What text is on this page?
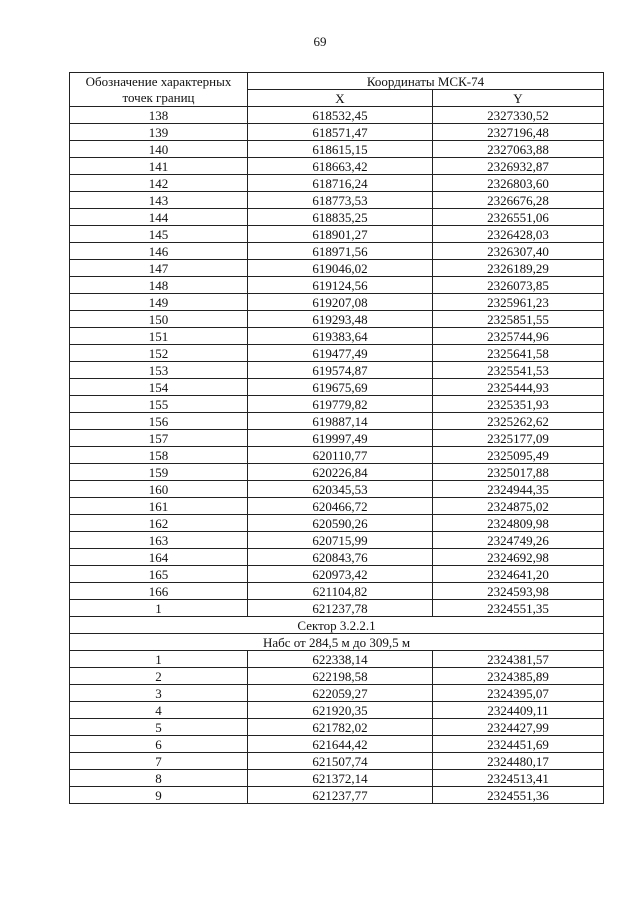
69
Обозначение характерных точек границ	Координаты МСК-74	
	X	Y
138	618532,45	2327330,52
139	618571,47	2327196,48
140	618615,15	2327063,88
141	618663,42	2326932,87
142	618716,24	2326803,60
143	618773,53	2326676,28
144	618835,25	2326551,06
145	618901,27	2326428,03
146	618971,56	2326307,40
147	619046,02	2326189,29
148	619124,56	2326073,85
149	619207,08	2325961,23
150	619293,48	2325851,55
151	619383,64	2325744,96
152	619477,49	2325641,58
153	619574,87	2325541,53
154	619675,69	2325444,93
155	619779,82	2325351,93
156	619887,14	2325262,62
157	619997,49	2325177,09
158	620110,77	2325095,49
159	620226,84	2325017,88
160	620345,53	2324944,35
161	620466,72	2324875,02
162	620590,26	2324809,98
163	620715,99	2324749,26
164	620843,76	2324692,98
165	620973,42	2324641,20
166	621104,82	2324593,98
1	621237,78	2324551,35
Сектор 3.2.2.1		
Набс от 284,5 м до 309,5 м		
1	622338,14	2324381,57
2	622198,58	2324385,89
3	622059,27	2324395,07
4	621920,35	2324409,11
5	621782,02	2324427,99
6	621644,42	2324451,69
7	621507,74	2324480,17
8	621372,14	2324513,41
9	621237,77	2324551,36
